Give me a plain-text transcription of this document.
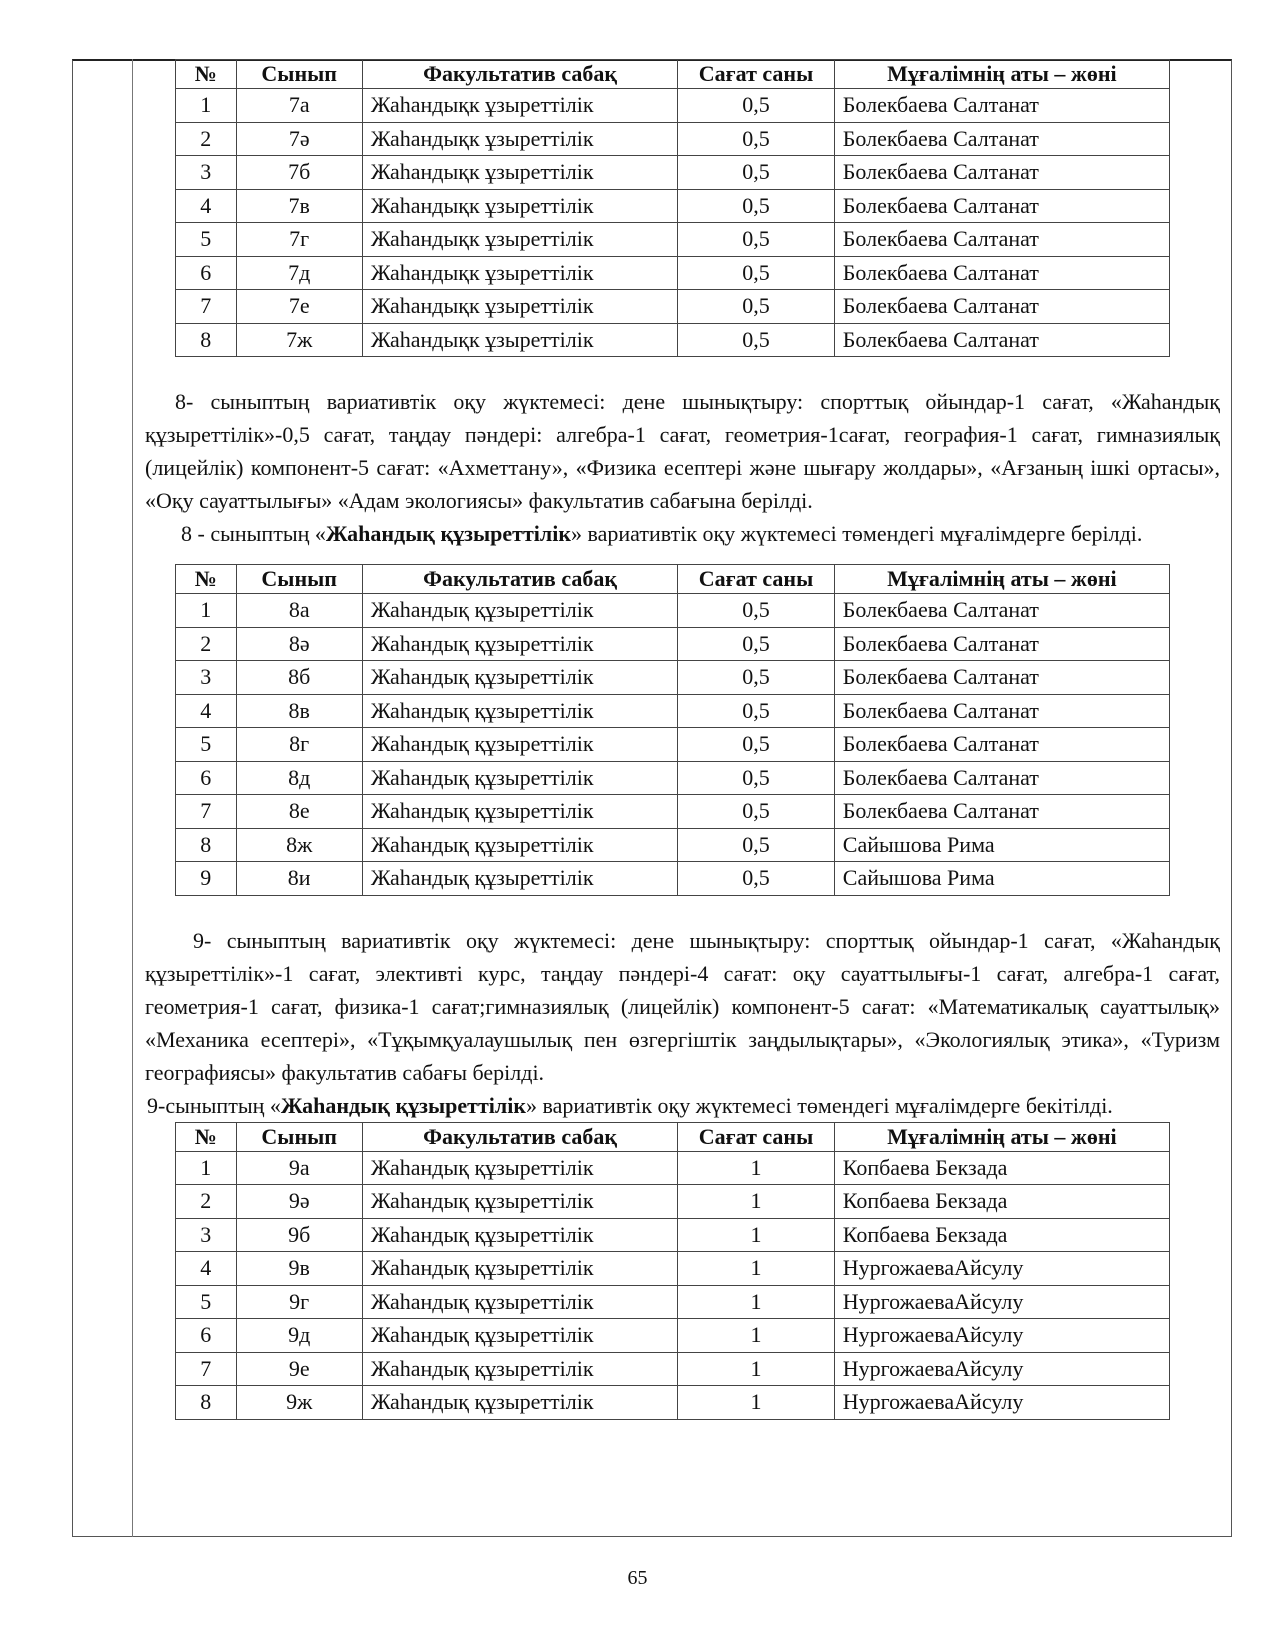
№	Сынып	Факультатив сабақ	Сағат саны	Мұғалімнің аты – жөні
1	7а	Жаһандықк ұзыреттілік	0,5	Болекбаева Салтанат
2	7ә	Жаһандықк ұзыреттілік	0,5	Болекбаева Салтанат
3	7б	Жаһандықк ұзыреттілік	0,5	Болекбаева Салтанат
4	7в	Жаһандықк ұзыреттілік	0,5	Болекбаева Салтанат
5	7г	Жаһандықк ұзыреттілік	0,5	Болекбаева Салтанат
6	7д	Жаһандықк ұзыреттілік	0,5	Болекбаева Салтанат
7	7е	Жаһандықк ұзыреттілік	0,5	Болекбаева Салтанат
8	7ж	Жаһандықк ұзыреттілік	0,5	Болекбаева Салтанат

8- сыныптың вариативтік оқу жүктемесі: дене шынықтыру: спорттық ойындар-1 сағат, «Жаһандық құзыреттілік»-0,5 сағат, таңдау пәндері: алгебра-1 сағат, геометрия-1сағат, география-1 сағат, гимназиялық (лицейлік) компонент-5 сағат: «Ахметтану», «Физика есептері және шығару жолдары», «Ағзаның ішкі ортасы», «Оқу сауаттылығы» «Адам экологиясы» факультатив сабағына берілді.

8 - сыныптың «Жаһандық құзыреттілік» вариативтік оқу жүктемесі төмендегі мұғалімдерге берілді.

№	Сынып	Факультатив сабақ	Сағат саны	Мұғалімнің аты – жөні
1	8а	Жаһандық құзыреттілік	0,5	Болекбаева Салтанат
2	8ә	Жаһандық құзыреттілік	0,5	Болекбаева Салтанат
3	8б	Жаһандық құзыреттілік	0,5	Болекбаева Салтанат
4	8в	Жаһандық құзыреттілік	0,5	Болекбаева Салтанат
5	8г	Жаһандық құзыреттілік	0,5	Болекбаева Салтанат
6	8д	Жаһандық құзыреттілік	0,5	Болекбаева Салтанат
7	8е	Жаһандық құзыреттілік	0,5	Болекбаева Салтанат
8	8ж	Жаһандық құзыреттілік	0,5	Сайышова Рима
9	8и	Жаһандық құзыреттілік	0,5	Сайышова Рима

9- сыныптың вариативтік оқу жүктемесі: дене шынықтыру: спорттық ойындар-1 сағат, «Жаһандық құзыреттілік»-1 сағат, элективті курс, таңдау пәндері-4 сағат: оқу сауаттылығы-1 сағат, алгебра-1 сағат, геометрия-1 сағат, физика-1 сағат;гимназиялық (лицейлік) компонент-5 сағат: «Математикалық сауаттылық» «Механика есептері», «Тұқымқуалаушылық пен өзгергіштік заңдылықтары», «Экологиялық этика», «Туризм географиясы» факультатив сабағы берілді.

9-сыныптың «Жаһандық құзыреттілік» вариативтік оқу жүктемесі төмендегі мұғалімдерге бекітілді.

№	Сынып	Факультатив сабақ	Сағат саны	Мұғалімнің аты – жөні
1	9а	Жаһандық құзыреттілік	1	Копбаева Бекзада
2	9ә	Жаһандық құзыреттілік	1	Копбаева Бекзада
3	9б	Жаһандық құзыреттілік	1	Копбаева Бекзада
4	9в	Жаһандық құзыреттілік	1	НургожаеваАйсулу
5	9г	Жаһандық құзыреттілік	1	НургожаеваАйсулу
6	9д	Жаһандық құзыреттілік	1	НургожаеваАйсулу
7	9е	Жаһандық құзыреттілік	1	НургожаеваАйсулу
8	9ж	Жаһандық құзыреттілік	1	НургожаеваАйсулу
65
